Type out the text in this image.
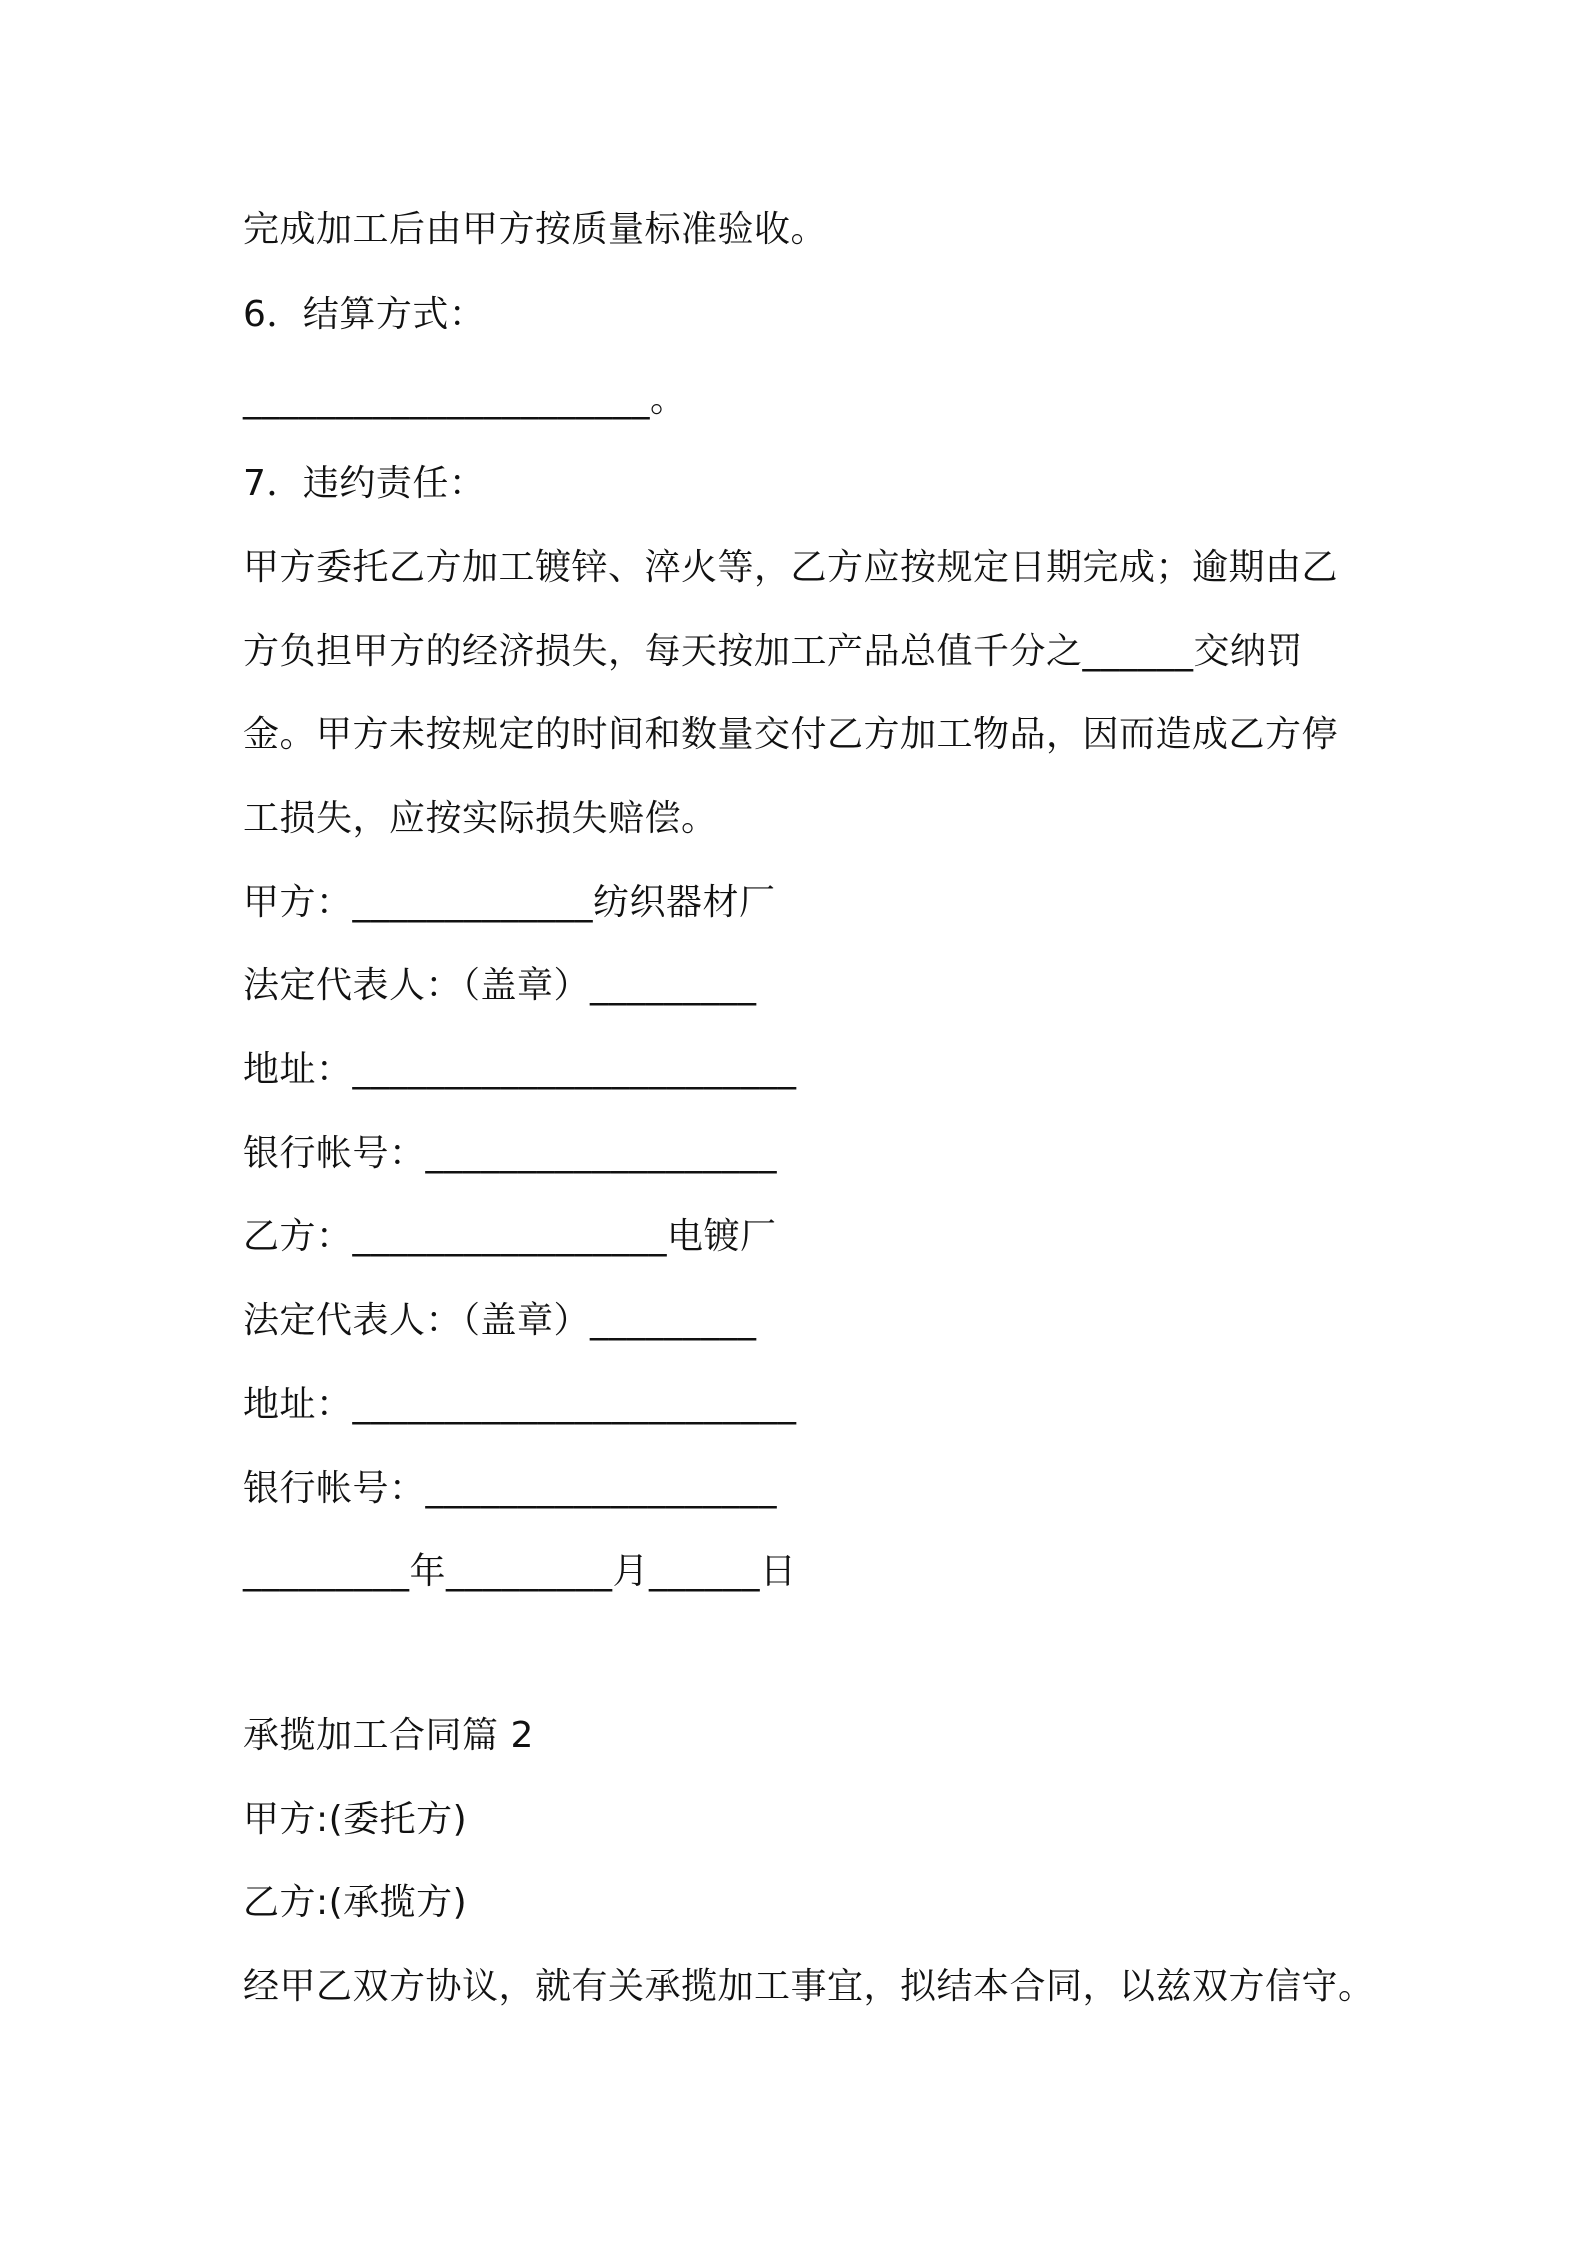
完成加工后由甲方按质量标准验收。
6．结算方式：
______________________。
7．违约责任：
甲方委托乙方加工镀锌、淬火等，乙方应按规定日期完成；逾期由乙
方负担甲方的经济损失，每天按加工产品总值千分之______交纳罚
金。甲方未按规定的时间和数量交付乙方加工物品，因而造成乙方停
工损失，应按实际损失赔偿。
甲方：_____________纺织器材厂
法定代表人：（盖章）_________
地址：________________________
银行帐号：___________________
乙方：_________________电镀厂
法定代表人：（盖章）_________
地址：________________________
银行帐号：___________________
_________年_________月______日
承揽加工合同篇 2
甲方:(委托方)
乙方:(承揽方)
经甲乙双方协议，就有关承揽加工事宜，拟结本合同，以兹双方信守。
